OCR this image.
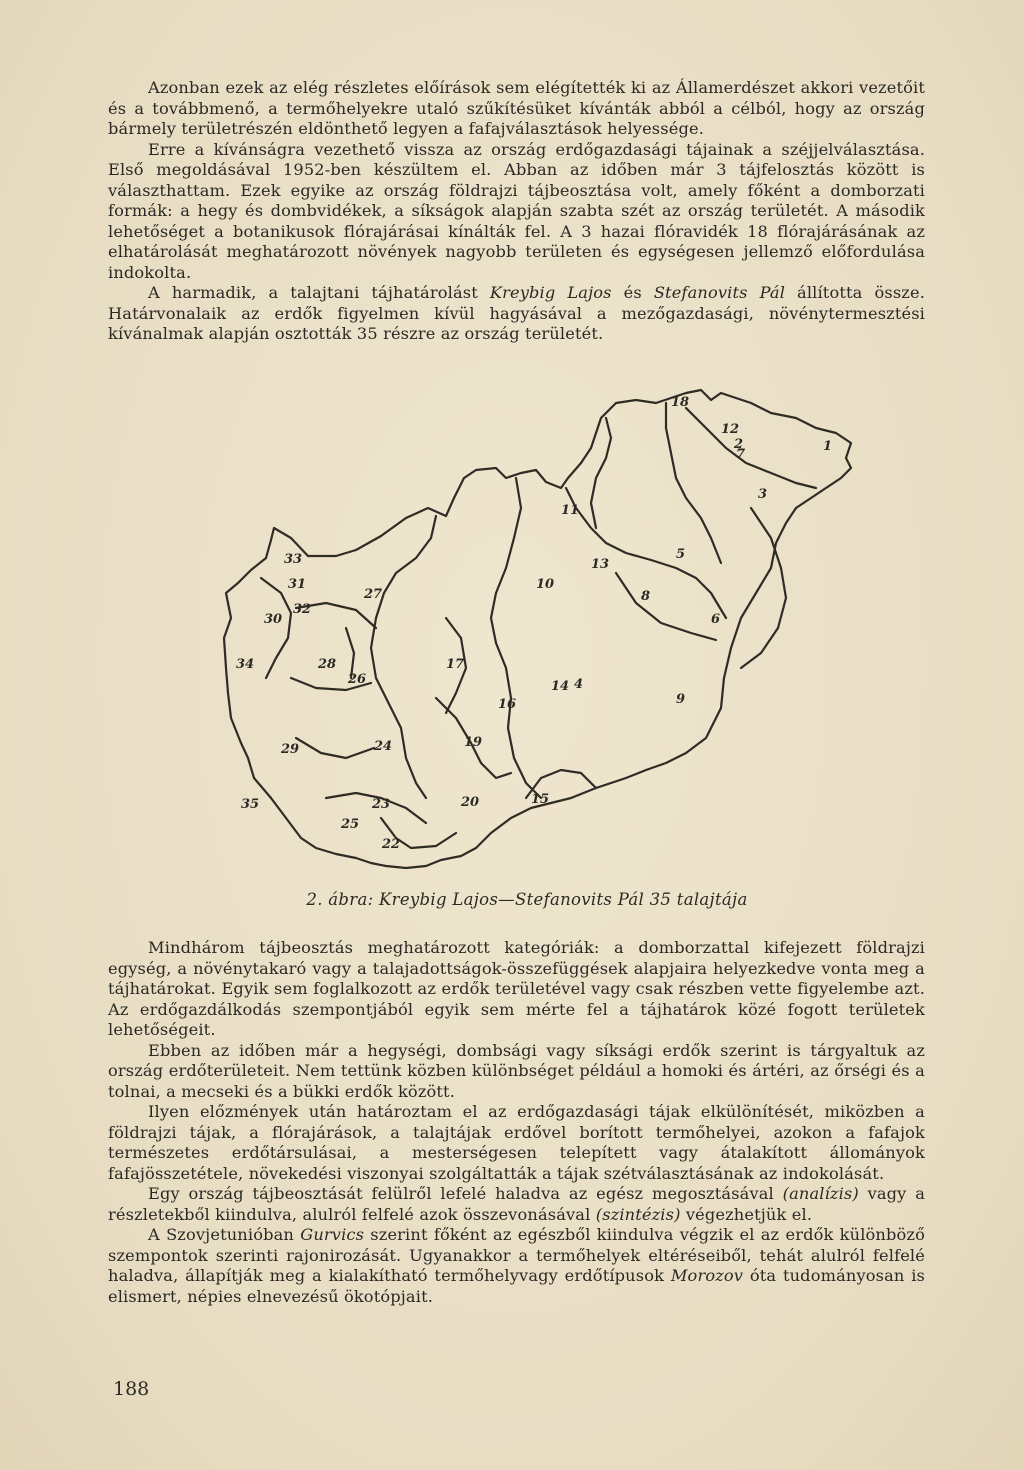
Azonban ezek az elég részletes előírások sem elégítették ki az Államerdészet akkori vezetőit és a továbbmenő, a termőhelyekre utaló szűkítésüket kívánták abból a célból, hogy az ország bármely területrészén eldönthető legyen a fafajválasztások helyessége.

Erre a kívánságra vezethető vissza az ország erdőgazdasági tájainak a széjjelválasztása. Első megoldásával 1952-ben készültem el. Abban az időben már 3 tájfelosztás között is választhattam. Ezek egyike az ország földrajzi tájbeosztása volt, amely főként a domborzati formák: a hegy és dombvidékek, a síkságok alapján szabta szét az ország területét. A második lehetőséget a botanikusok flórajárásai kínálták fel. A 3 hazai flóravidék 18 flórajárásának az elhatárolását meghatározott növények nagyobb területen és egységesen jellemző előfordulása indokolta.

A harmadik, a talajtani tájhatárolást Kreybig Lajos és Stefanovits Pál állította össze. Határvonalaik az erdők figyelmen kívül hagyásával a mezőgazdasági, növénytermesztési kívánalmak alapján osztották 35 részre az ország területét.

1
2
3
4
5
6
7
8
9
10
11
12
13
14
15
16
17
18
19
20
22
23
24
25
26
27
28
29
30
31
32
33
34
35
2. ábra: Kreybig Lajos—Stefanovits Pál 35 talajtája

Mindhárom tájbeosztás meghatározott kategóriák: a domborzattal kifejezett földrajzi egység, a növénytakaró vagy a talajadottságok-összefüggések alapjaira helyezkedve vonta meg a tájhatárokat. Egyik sem foglalkozott az erdők területével vagy csak részben vette figyelembe azt. Az erdőgazdálkodás szempontjából egyik sem mérte fel a tájhatárok közé fogott területek lehetőségeit.

Ebben az időben már a hegységi, dombsági vagy síksági erdők szerint is tárgyaltuk az ország erdőterületeit. Nem tettünk közben különbséget például a homoki és ártéri, az őrségi és a tolnai, a mecseki és a bükki erdők között.

Ilyen előzmények után határoztam el az erdőgazdasági tájak elkülönítését, miközben a földrajzi tájak, a flórajárások, a talajtájak erdővel borított termőhelyei, azokon a fafajok természetes erdőtársulásai, a mesterségesen telepített vagy átalakított állományok fafajösszetétele, növekedési viszonyai szolgáltatták a tájak szétválasztásának az indokolását.

Egy ország tájbeosztását felülről lefelé haladva az egész megosztásával (analízis) vagy a részletekből kiindulva, alulról felfelé azok összevonásával (szintézis) végezhetjük el.

A Szovjetunióban Gurvics szerint főként az egészből kiindulva végzik el az erdők különböző szempontok szerinti rajonirozását. Ugyanakkor a termőhelyek eltéréseiből, tehát alulról felfelé haladva, állapítják meg a kialakítható termőhelyvagy erdőtípusok Morozov óta tudományosan is elismert, népies elnevezésű ökotópjait.

188
